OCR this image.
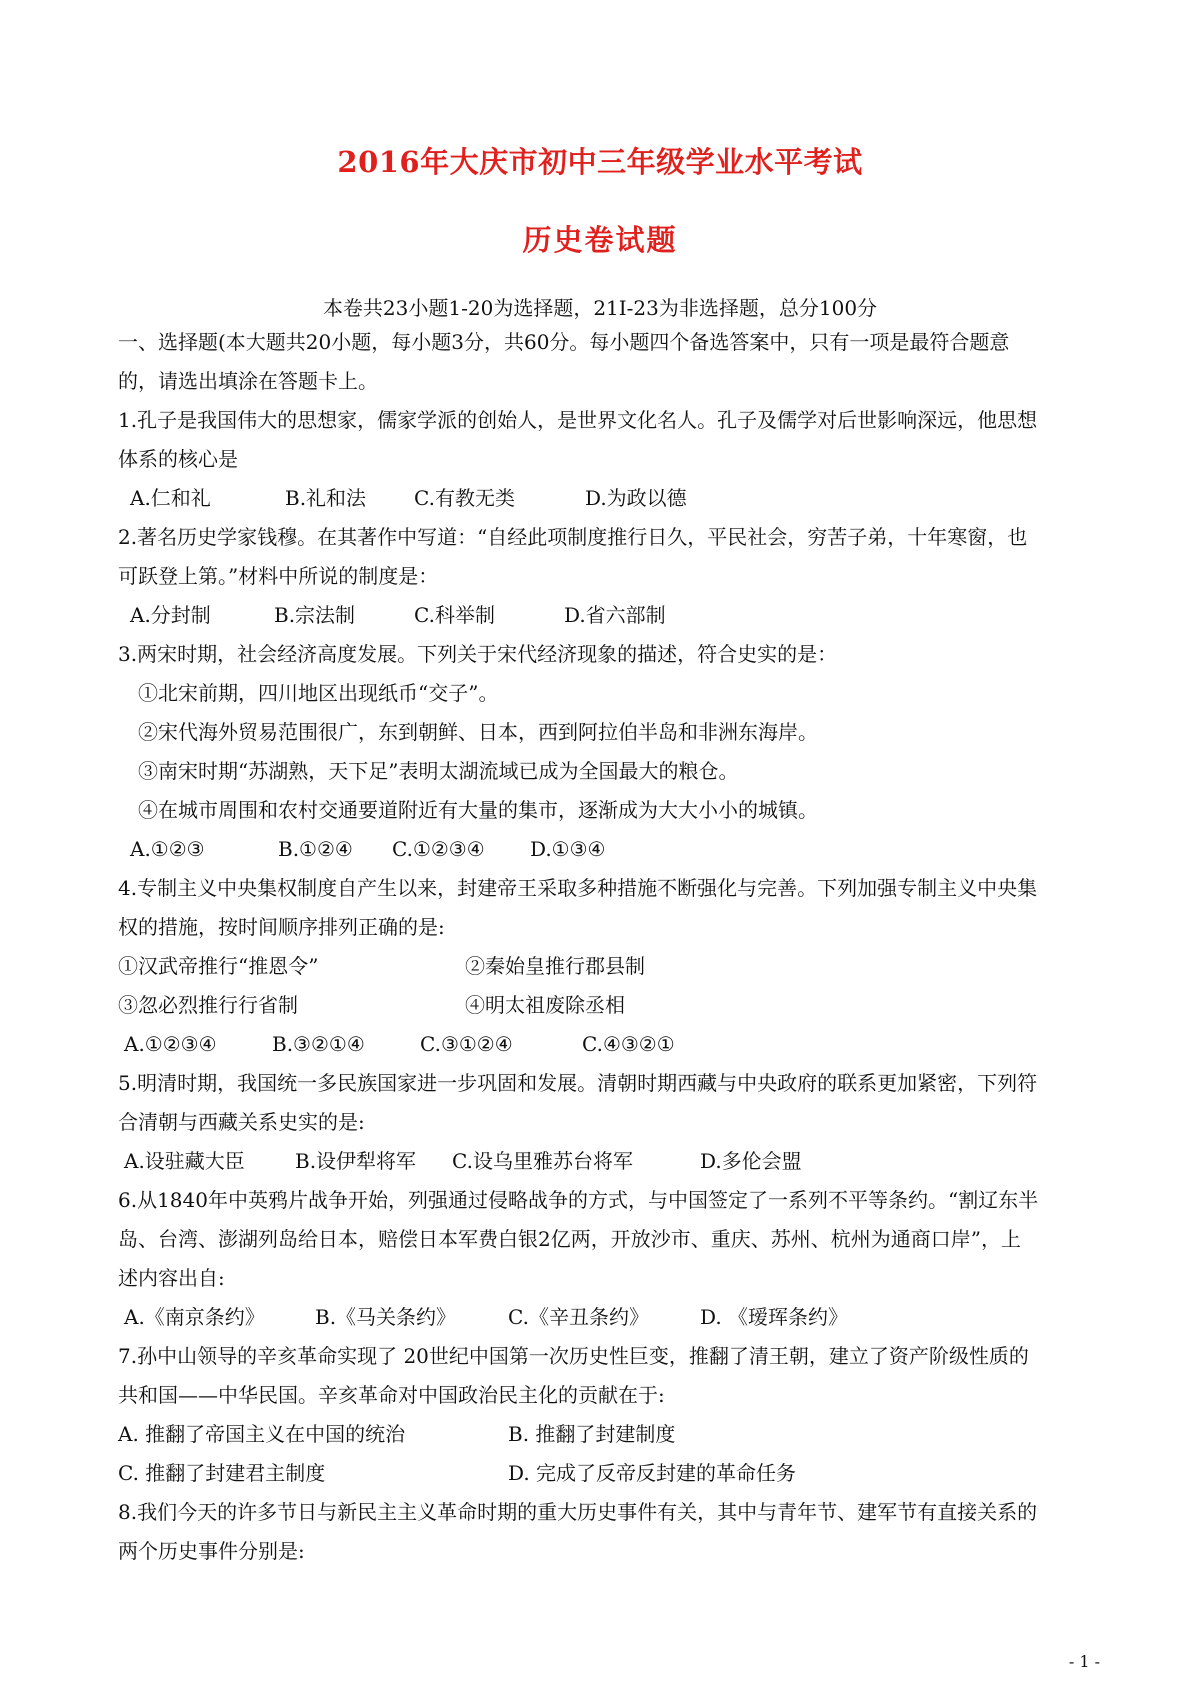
2016年大庆市初中三年级学业水平考试
历史卷试题
本卷共23小题1-20为选择题，21I-23为非选择题，总分100分
一、选择题(本大题共20小题，每小题3分，共60分。每小题四个备选答案中，只有一项是最符合题意
的，请选出填涂在答题卡上。
1.孔子是我国伟大的思想家，儒家学派的创始人，是世界文化名人。孔子及儒学对后世影响深远，他思想
体系的核心是
A.仁和礼	B.礼和法 C.有教无类	D.为政以德
2.著名历史学家钱穆。在其著作中写道：“自经此项制度推行日久，平民社会，穷苦子弟，十年寒窗，也
可跃登上第。”材料中所说的制度是：
A.分封制	B.宗法制	C.科举制	D.省六部制
3.两宋时期，社会经济高度发展。下列关于宋代经济现象的描述，符合史实的是：
①北宋前期，四川地区出现纸币“交子”。
②宋代海外贸易范围很广，东到朝鲜、日本，西到阿拉伯半岛和非洲东海岸。
③南宋时期“苏湖熟，天下足”表明太湖流域已成为全国最大的粮仓。
④在城市周围和农村交通要道附近有大量的集市，逐渐成为大大小小的城镇。
A.①②③	B.①②④ C.①②③④ D.①③④
4.专制主义中央集权制度自产生以来，封建帝王采取多种措施不断强化与完善。下列加强专制主义中央集
权的措施，按时间顺序排列正确的是:
①汉武帝推行“推恩令”	②秦始皇推行郡县制
③忽必烈推行行省制	④明太祖废除丞相
A.①②③④	B.③②①④	C.③①②④	C.④③②①
5.明清时期，我国统一多民族国家进一步巩固和发展。清朝时期西藏与中央政府的联系更加紧密，下列符
合清朝与西藏关系史实的是:
A.设驻藏大臣	B.设伊犁将军 C.设乌里雅苏台将军	D.多伦会盟
6.从1840年中英鸦片战争开始，列强通过侵略战争的方式，与中国签定了一系列不平等条约。“割辽东半
岛、台湾、澎湖列岛给日本，赔偿日本军费白银2亿两，开放沙市、重庆、苏州、杭州为通商口岸”，上
述内容出自:
A.《南京条约》	B.《马关条约》	C.《辛丑条约》	D. 《瑷珲条约》
7.孙中山领导的辛亥革命实现了 20世纪中国第一次历史性巨变，推翻了清王朝，建立了资产阶级性质的
共和国——中华民国。辛亥革命对中国政治民主化的贡献在于:
A. 推翻了帝国主义在中国的统治	B. 推翻了封建制度
C. 推翻了封建君主制度	D. 完成了反帝反封建的革命任务
8.我们今天的许多节日与新民主主义革命时期的重大历史事件有关，其中与青年节、建军节有直接关系的
两个历史事件分别是:
- 1 -
